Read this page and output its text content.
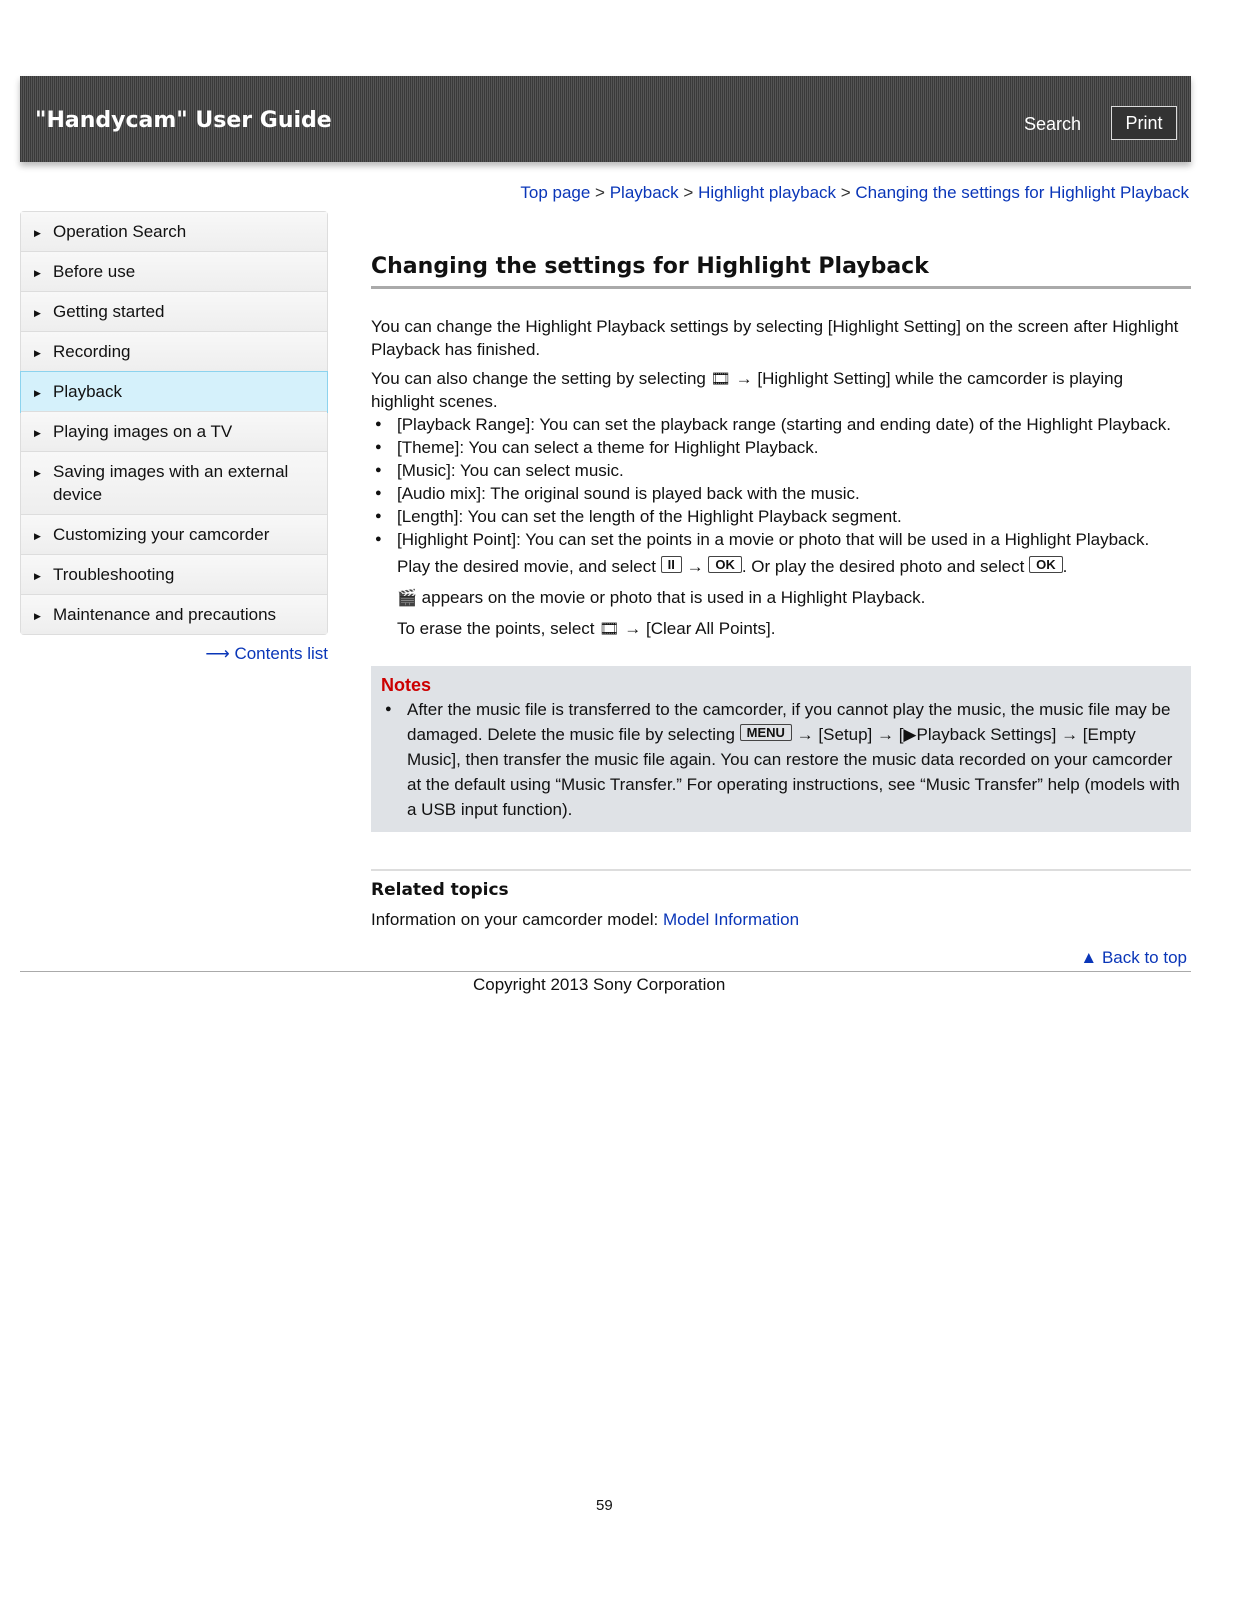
"Handycam" User Guide	Search	Print
Top page > Playback > Highlight playback > Changing the settings for Highlight Playback
▶ Operation Search
▶ Before use
▶ Getting started
▶ Recording
▶ Playback
▶ Playing images on a TV
▶ Saving images with an external device
▶ Customizing your camcorder
▶ Troubleshooting
▶ Maintenance and precautions
⟶ Contents list
Changing the settings for Highlight Playback

You can change the Highlight Playback settings by selecting [Highlight Setting] on the screen after Highlight Playback has finished.

You can also change the setting by selecting 🎞 → [Highlight Setting] while the camcorder is playing highlight scenes.

● [Playback Range]: You can set the playback range (starting and ending date) of the Highlight Playback.
● [Theme]: You can select a theme for Highlight Playback.
● [Music]: You can select music.
● [Audio mix]: The original sound is played back with the music.
● [Length]: You can set the length of the Highlight Playback segment.
● [Highlight Point]: You can set the points in a movie or photo that will be used in a Highlight Playback.
Play the desired movie, and select II → OK . Or play the desired photo and select OK .
🎬 appears on the movie or photo that is used in a Highlight Playback.
To erase the points, select 🎞 → [Clear All Points].
Notes
● After the music file is transferred to the camcorder, if you cannot play the music, the music file may be damaged. Delete the music file by selecting MENU → [Setup] → [▶Playback Settings] → [Empty Music], then transfer the music file again. You can restore the music data recorded on your camcorder at the default using “Music Transfer.” For operating instructions, see “Music Transfer” help (models with a USB input function).
Related topics
Information on your camcorder model: Model Information
▲ Back to top
Copyright 2013 Sony Corporation
59
